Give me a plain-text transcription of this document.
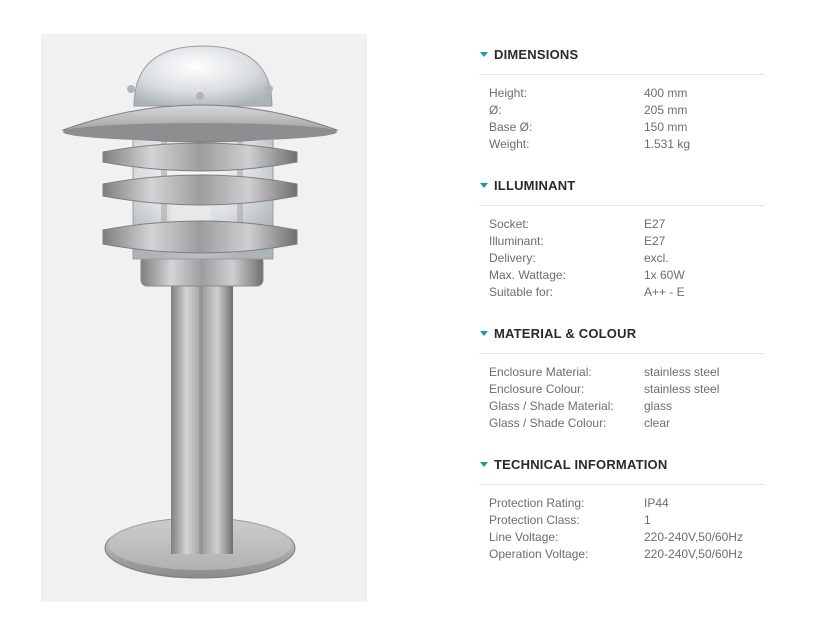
DIMENSIONS
Height:	400 mm
Ø:	205 mm
Base Ø:	150 mm
Weight:	1.531 kg
ILLUMINANT
Socket:	E27
Illuminant:	E27
Delivery:	excl.
Max. Wattage:	1x 60W
Suitable for:	A++ - E
MATERIAL & COLOUR
Enclosure Material:	stainless steel
Enclosure Colour:	stainless steel
Glass / Shade Material:	glass
Glass / Shade Colour:	clear
TECHNICAL INFORMATION
Protection Rating:	IP44
Protection Class:	1
Line Voltage:	220-240V,50/60Hz
Operation Voltage:	220-240V,50/60Hz
